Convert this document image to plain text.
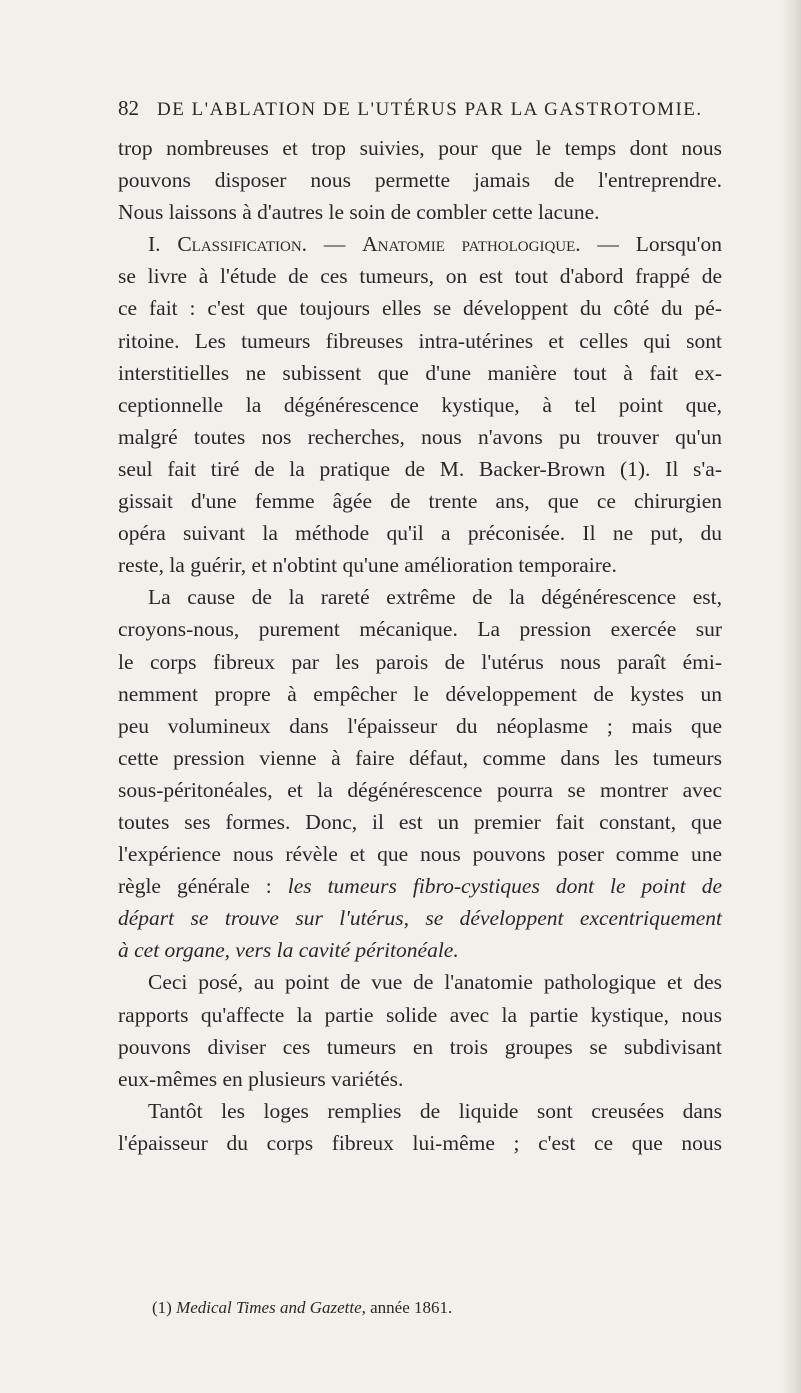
82 DE L'ABLATION DE L'UTÉRUS PAR LA GASTROTOMIE.
trop nombreuses et trop suivies, pour que le temps dont nous
pouvons disposer nous permette jamais de l'entreprendre.
Nous laissons à d'autres le soin de combler cette lacune.
I. Classification. — Anatomie pathologique. — Lorsqu'on
se livre à l'étude de ces tumeurs, on est tout d'abord frappé de
ce fait : c'est que toujours elles se développent du côté du pé-
ritoine. Les tumeurs fibreuses intra-utérines et celles qui sont
interstitielles ne subissent que d'une manière tout à fait ex-
ceptionnelle la dégénérescence kystique, à tel point que,
malgré toutes nos recherches, nous n'avons pu trouver qu'un
seul fait tiré de la pratique de M. Backer-Brown (1). Il s'a-
gissait d'une femme âgée de trente ans, que ce chirurgien
opéra suivant la méthode qu'il a préconisée. Il ne put, du
reste, la guérir, et n'obtint qu'une amélioration temporaire.
La cause de la rareté extrême de la dégénérescence est,
croyons-nous, purement mécanique. La pression exercée sur
le corps fibreux par les parois de l'utérus nous paraît émi-
nemment propre à empêcher le développement de kystes un
peu volumineux dans l'épaisseur du néoplasme ; mais que
cette pression vienne à faire défaut, comme dans les tumeurs
sous-péritonéales, et la dégénérescence pourra se montrer avec
toutes ses formes. Donc, il est un premier fait constant, que
l'expérience nous révèle et que nous pouvons poser comme une
règle générale : les tumeurs fibro-cystiques dont le point de
départ se trouve sur l'utérus, se développent excentriquement
à cet organe, vers la cavité péritonéale.
Ceci posé, au point de vue de l'anatomie pathologique et des
rapports qu'affecte la partie solide avec la partie kystique, nous
pouvons diviser ces tumeurs en trois groupes se subdivisant
eux-mêmes en plusieurs variétés.
Tantôt les loges remplies de liquide sont creusées dans
l'épaisseur du corps fibreux lui-même ; c'est ce que nous
(1) Medical Times and Gazette, année 1861.
